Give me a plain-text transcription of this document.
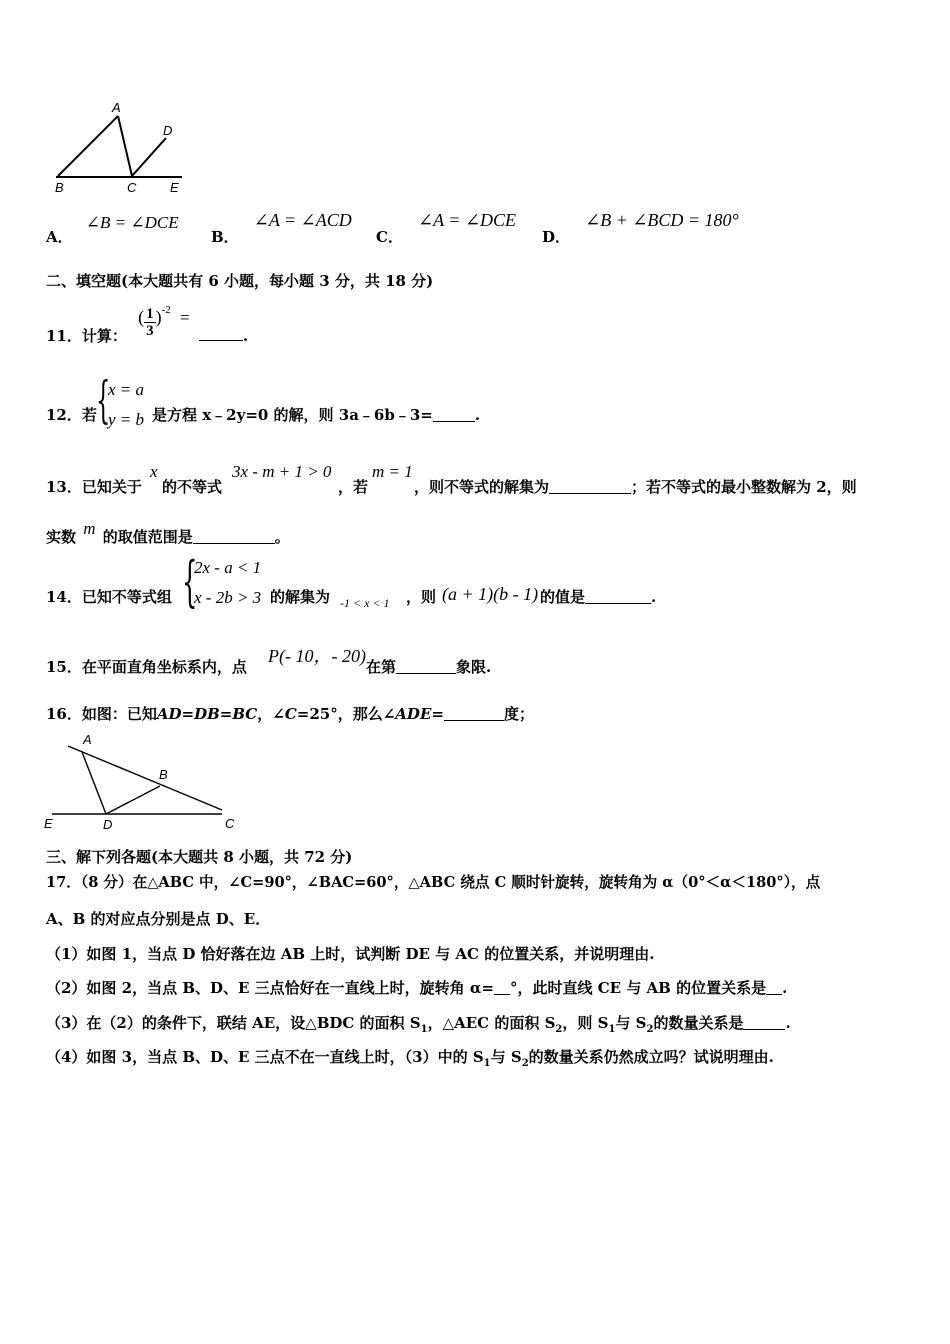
A
D
B	C	E
A． ∠B = ∠DCE
B． ∠A = ∠ACD
C． ∠A = ∠DCE
D． ∠B + ∠BCD = 180°
二、填空题(本大题共有 6 小题，每小题 3 分，共 18 分)
11．计算： ( $\frac{1}{3} )^{-2}$ = .
12．若 {
x = a
y = b 是方程 x﹣2y=0 的解，则 3a﹣6b﹣3=	.
13．已知关于
x
的不等式
3x - m + 1 > 0
，若
m = 1
，则不等式的解集为	；若不等式的最小整数解为 2，则
实数 m 的取值范围是	。
14．已知不等式组 {
2x - a < 1
x - 2b > 3 的解集为 -1 < x < 1 ，则 (a + 1)(b - 1) 的值是	.
15．在平面直角坐标系内，点
P(- 10，- 20)
在第	象限.
16．如图：已知AD=DB=BC，∠C=25°，那么∠ADE=	度；
A
B
E	D	C
三、解下列各题(本大题共 8 小题，共 72 分)
17．（8 分）在△ABC 中，∠C=90°，∠BAC=60°，△ABC 绕点 C 顺时针旋转，旋转角为 α（0°＜α＜180°），点
A、B 的对应点分别是点 D、E．
（1）如图 1，当点 D 恰好落在边 AB 上时，试判断 DE 与 AC 的位置关系，并说明理由.
（2）如图 2，当点 B、D、E 三点恰好在一直线上时，旋转角 α= °，此时直线 CE 与 AB 的位置关系是 .
（3）在（2）的条件下，联结 AE，设△BDC 的面积 $S_1$，△AEC 的面积 $S_2$，则 $S_1$与 $S_2$的数量关系是	.
（4）如图 3，当点 B、D、E 三点不在一直线上时，（3）中的 $S_1$与 $S_2$的数量关系仍然成立吗？试说明理由.
